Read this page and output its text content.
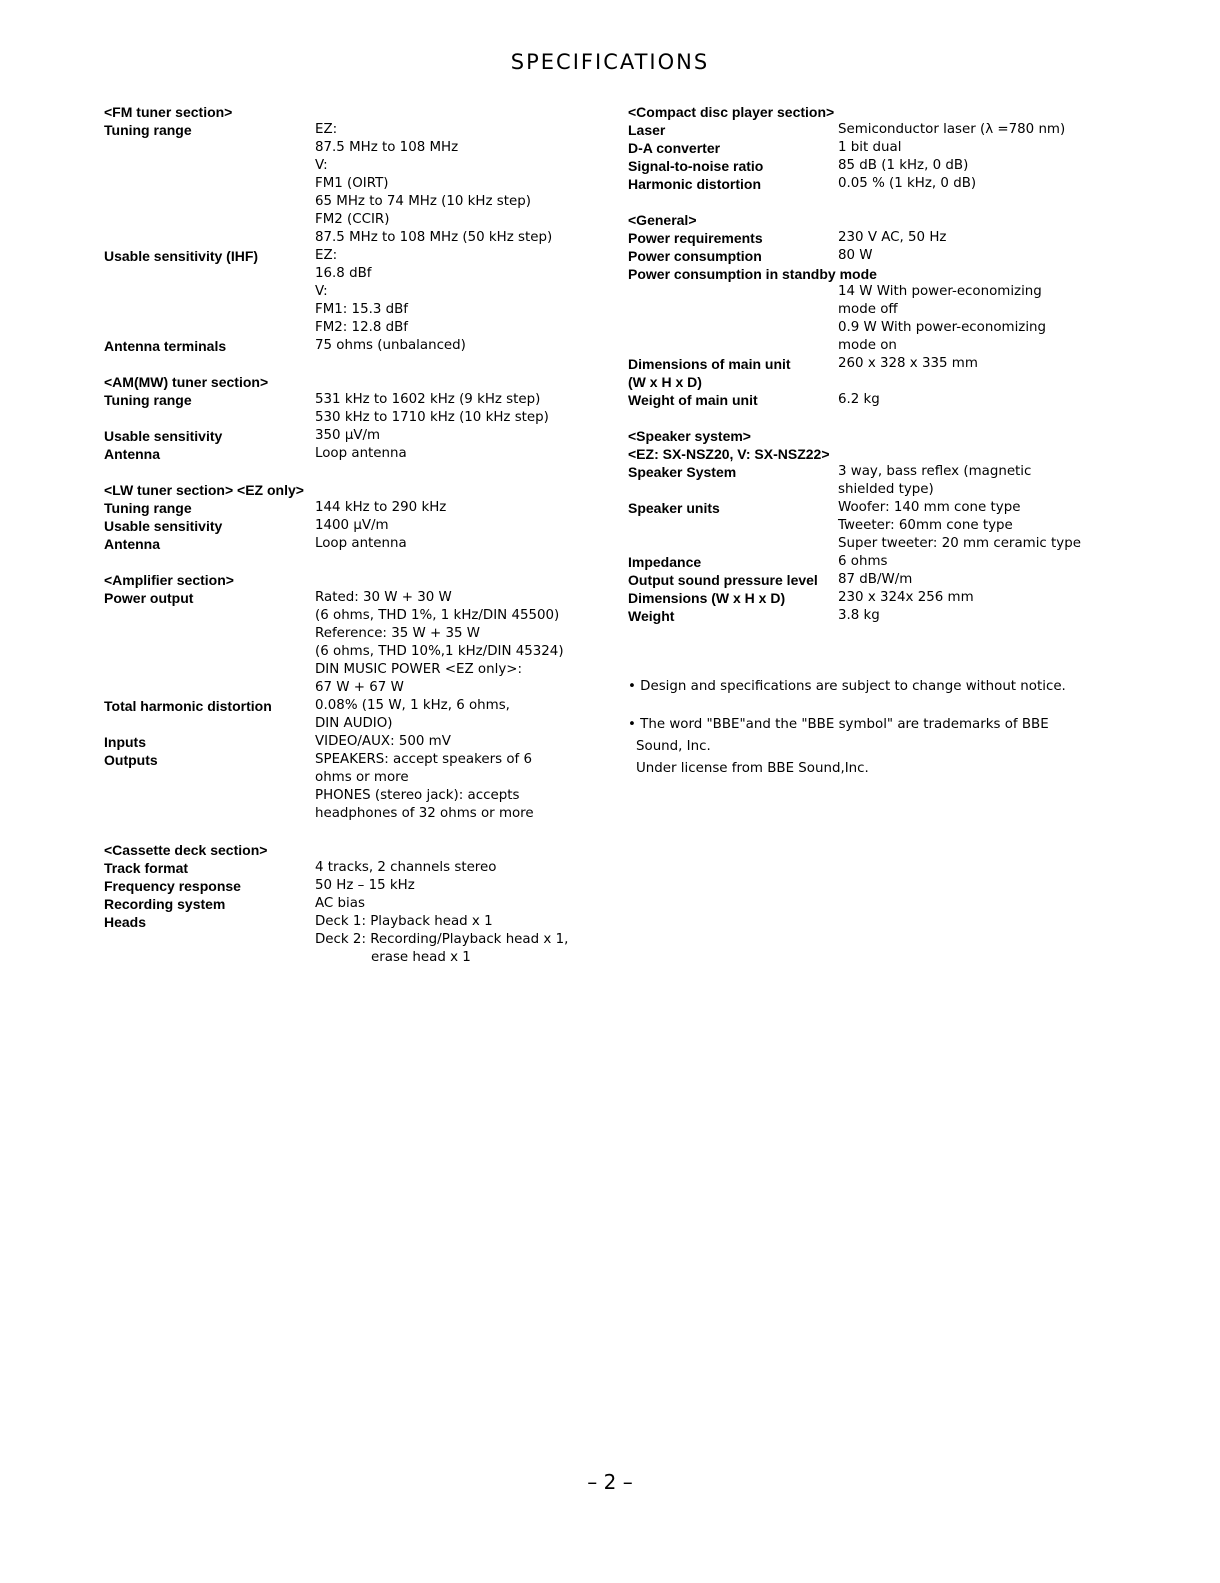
SPECIFICATIONS
<FM tuner section>
Tuning range	EZ:
87.5 MHz to 108 MHz
V:
FM1 (OIRT)
65 MHz to 74 MHz (10 kHz step)
FM2 (CCIR)
87.5 MHz to 108 MHz (50 kHz step)
Usable sensitivity (IHF)	EZ:
16.8 dBf
V:
FM1: 15.3 dBf
FM2: 12.8 dBf
Antenna terminals	75 ohms (unbalanced)
<AM(MW) tuner section>
Tuning range	531 kHz to 1602 kHz (9 kHz step)
530 kHz to 1710 kHz (10 kHz step)
Usable sensitivity	350 µV/m
Antenna	Loop antenna
<LW tuner section> <EZ only>
Tuning range	144 kHz to 290 kHz
Usable sensitivity	1400 µV/m
Antenna	Loop antenna
<Amplifier section>
Power output	Rated: 30 W + 30 W
(6 ohms, THD 1%, 1 kHz/DIN 45500)
Reference: 35 W + 35 W
(6 ohms, THD 10%,1 kHz/DIN 45324)
DIN MUSIC POWER <EZ only>:
67 W + 67 W
Total harmonic distortion	0.08% (15 W, 1 kHz, 6 ohms,
DIN AUDIO)
Inputs	VIDEO/AUX: 500 mV
Outputs	SPEAKERS: accept speakers of 6
ohms or more
PHONES (stereo jack): accepts
headphones of 32 ohms or more
<Cassette deck section>
Track format	4 tracks, 2 channels stereo
Frequency response	50 Hz – 15 kHz
Recording system	AC bias
Heads	Deck 1: Playback head x 1
Deck 2: Recording/Playback head x 1,
erase head x 1
<Compact disc player section>
Laser	Semiconductor laser (λ =780 nm)
D-A converter	1 bit dual
Signal-to-noise ratio	85 dB (1 kHz, 0 dB)
Harmonic distortion	0.05 % (1 kHz, 0 dB)
<General>
Power requirements	230 V AC, 50 Hz
Power consumption	80 W
Power consumption in standby mode
14 W With power-economizing
mode off
0.9 W With power-economizing
mode on
Dimensions of main unit	260 x 328 x 335 mm
(W x H x D)
Weight of main unit	6.2 kg
<Speaker system>
<EZ: SX-NSZ20, V: SX-NSZ22>
Speaker System	3 way, bass reflex (magnetic
shielded type)
Speaker units	Woofer: 140 mm cone type
Tweeter: 60mm cone type
Super tweeter: 20 mm ceramic type
Impedance	6 ohms
Output sound pressure level	87 dB/W/m
Dimensions (W x H x D)	230 x 324x 256 mm
Weight	3.8 kg
• Design and specifications are subject to change without notice.
• The word "BBE"and the "BBE symbol" are trademarks of BBE
Sound, Inc.
Under license from BBE Sound,Inc.
– 2 –
